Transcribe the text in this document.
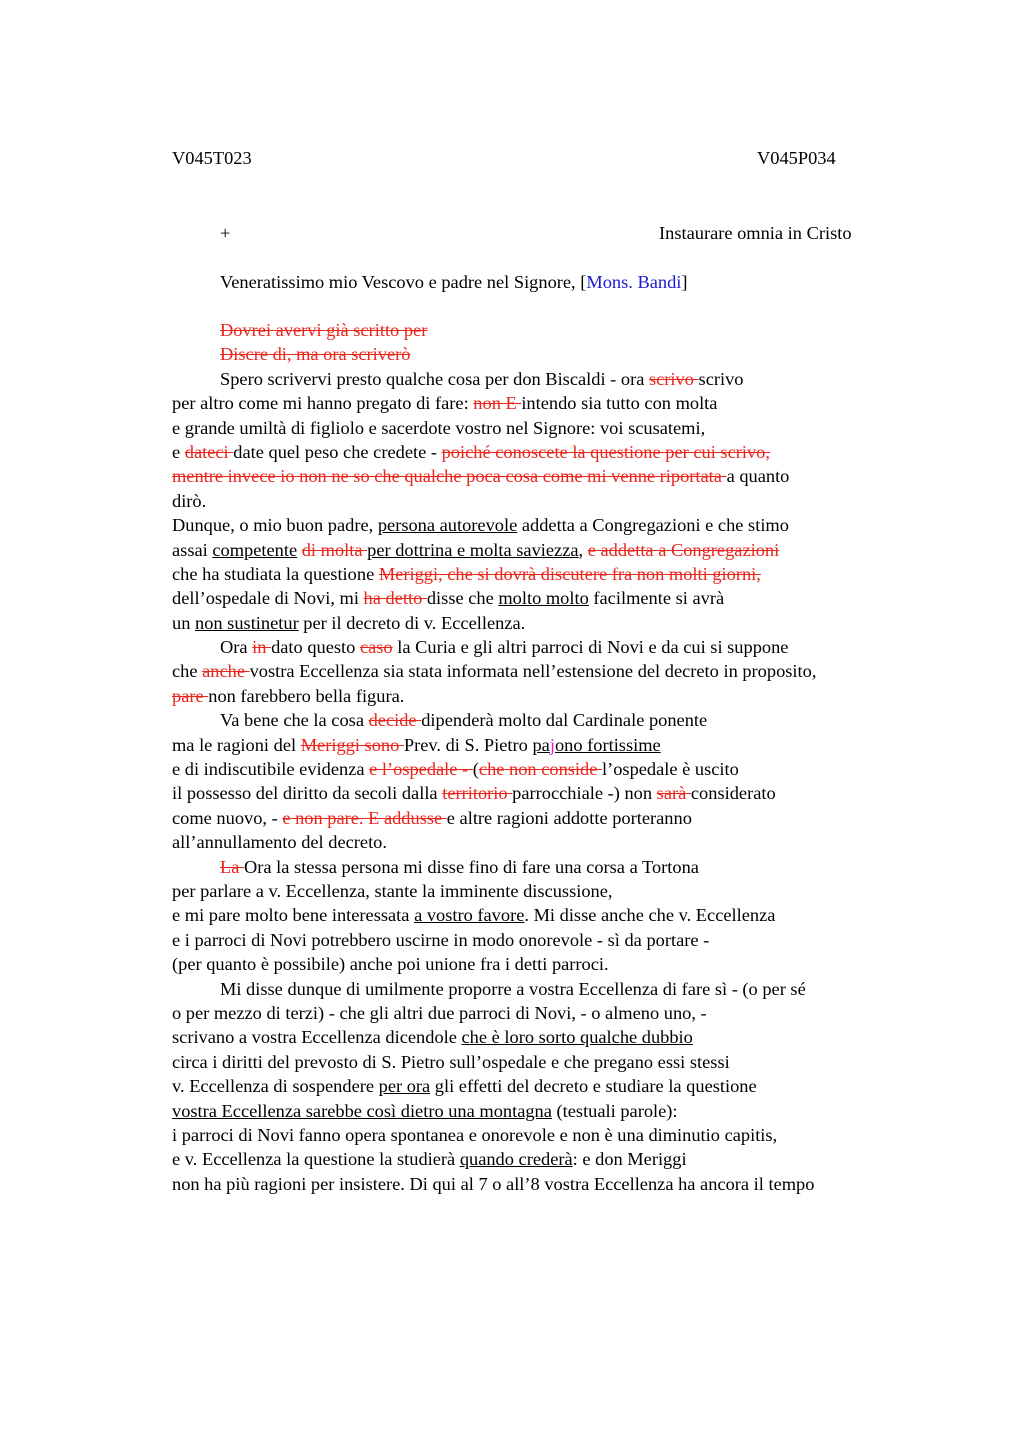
V045T023	V045P034
+	Instaurare omnia in Cristo
Veneratissimo mio Vescovo e padre nel Signore, [Mons. Bandi]
Dovrei avervi già scritto per
Discre di, ma ora scriverò
Spero scrivervi presto qualche cosa per don Biscaldi - ora scrivo scrivo
per altro come mi hanno pregato di fare: non E intendo sia tutto con molta
e grande umiltà di figliolo e sacerdote vostro nel Signore: voi scusatemi,
e dateci date quel peso che credete - poiché conoscete la questione per cui scrivo,
mentre invece io non ne so che qualche poca cosa come mi venne riportata a quanto
dirò.
Dunque, o mio buon padre, persona autorevole addetta a Congregazioni e che stimo
assai competente di molta per dottrina e molta saviezza, e addetta a Congregazioni
che ha studiata la questione Meriggi, che si dovrà discutere fra non molti giorni,
dell’ospedale di Novi, mi ha detto disse che molto molto facilmente si avrà
un non sustinetur per il decreto di v. Eccellenza.
Ora in dato questo caso la Curia e gli altri parroci di Novi e da cui si suppone
che anche vostra Eccellenza sia stata informata nell’estensione del decreto in proposito,
pare non farebbero bella figura.
Va bene che la cosa decide dipenderà molto dal Cardinale ponente
ma le ragioni del Meriggi sono Prev. di S. Pietro pajono fortissime
e di indiscutibile evidenza e l’ospedale - (che non conside l’ospedale è uscito
il possesso del diritto da secoli dalla territorio parrocchiale -) non sarà considerato
come nuovo, - e non pare. E addusse e altre ragioni addotte porteranno
all’annullamento del decreto.
La Ora la stessa persona mi disse fino di fare una corsa a Tortona
per parlare a v. Eccellenza, stante la imminente discussione,
e mi pare molto bene interessata a vostro favore. Mi disse anche che v. Eccellenza
e i parroci di Novi potrebbero uscirne in modo onorevole - sì da portare -
(per quanto è possibile) anche poi unione fra i detti parroci.
Mi disse dunque di umilmente proporre a vostra Eccellenza di fare sì - (o per sé
o per mezzo di terzi) - che gli altri due parroci di Novi, - o almeno uno, -
scrivano a vostra Eccellenza dicendole che è loro sorto qualche dubbio
circa i diritti del prevosto di S. Pietro sull’ospedale e che pregano essi stessi
v. Eccellenza di sospendere per ora gli effetti del decreto e studiare la questione
vostra Eccellenza sarebbe così dietro una montagna (testuali parole):
i parroci di Novi fanno opera spontanea e onorevole e non è una diminutio capitis,
e v. Eccellenza la questione la studierà quando crederà: e don Meriggi
non ha più ragioni per insistere. Di qui al 7 o all’8 vostra Eccellenza ha ancora il tempo
